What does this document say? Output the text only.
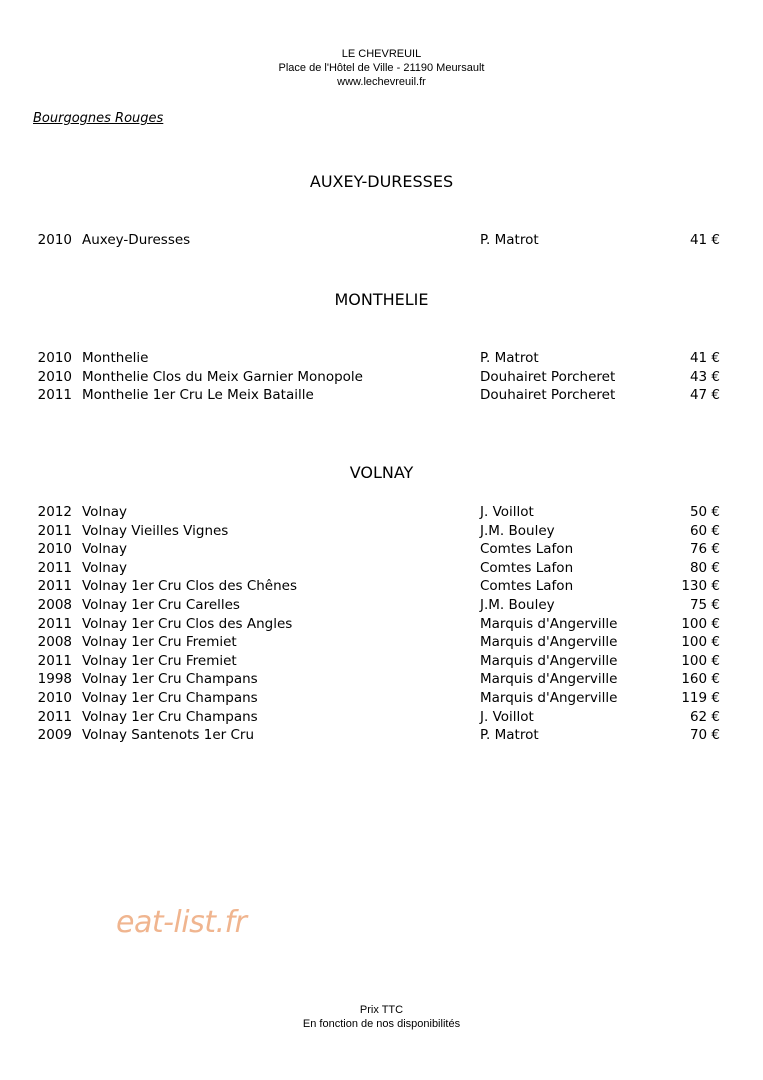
LE CHEVREUIL
Place de l'Hôtel de Ville - 21190 Meursault
www.lechevreuil.fr
Bourgognes Rouges
AUXEY-DURESSES
2010 Auxey-Duresses	P. Matrot	41 €
MONTHELIE
2010 Monthelie	P. Matrot	41 €
2010 Monthelie Clos du Meix Garnier Monopole	Douhairet Porcheret	43 €
2011 Monthelie 1er Cru Le Meix Bataille	Douhairet Porcheret	47 €
VOLNAY
2012 Volnay	J. Voillot	50 €
2011 Volnay Vieilles Vignes	J.M. Bouley	60 €
2010 Volnay	Comtes Lafon	76 €
2011 Volnay	Comtes Lafon	80 €
2011 Volnay 1er Cru Clos des Chênes	Comtes Lafon	130 €
2008 Volnay 1er Cru Carelles	J.M. Bouley	75 €
2011 Volnay 1er Cru Clos des Angles	Marquis d'Angerville	100 €
2008 Volnay 1er Cru Fremiet	Marquis d'Angerville	100 €
2011 Volnay 1er Cru Fremiet	Marquis d'Angerville	100 €
1998 Volnay 1er Cru Champans	Marquis d'Angerville	160 €
2010 Volnay 1er Cru Champans	Marquis d'Angerville	119 €
2011 Volnay 1er Cru Champans	J. Voillot	62 €
2009 Volnay Santenots 1er Cru	P. Matrot	70 €
eat-list.fr
Prix TTC
En fonction de nos disponibilités
